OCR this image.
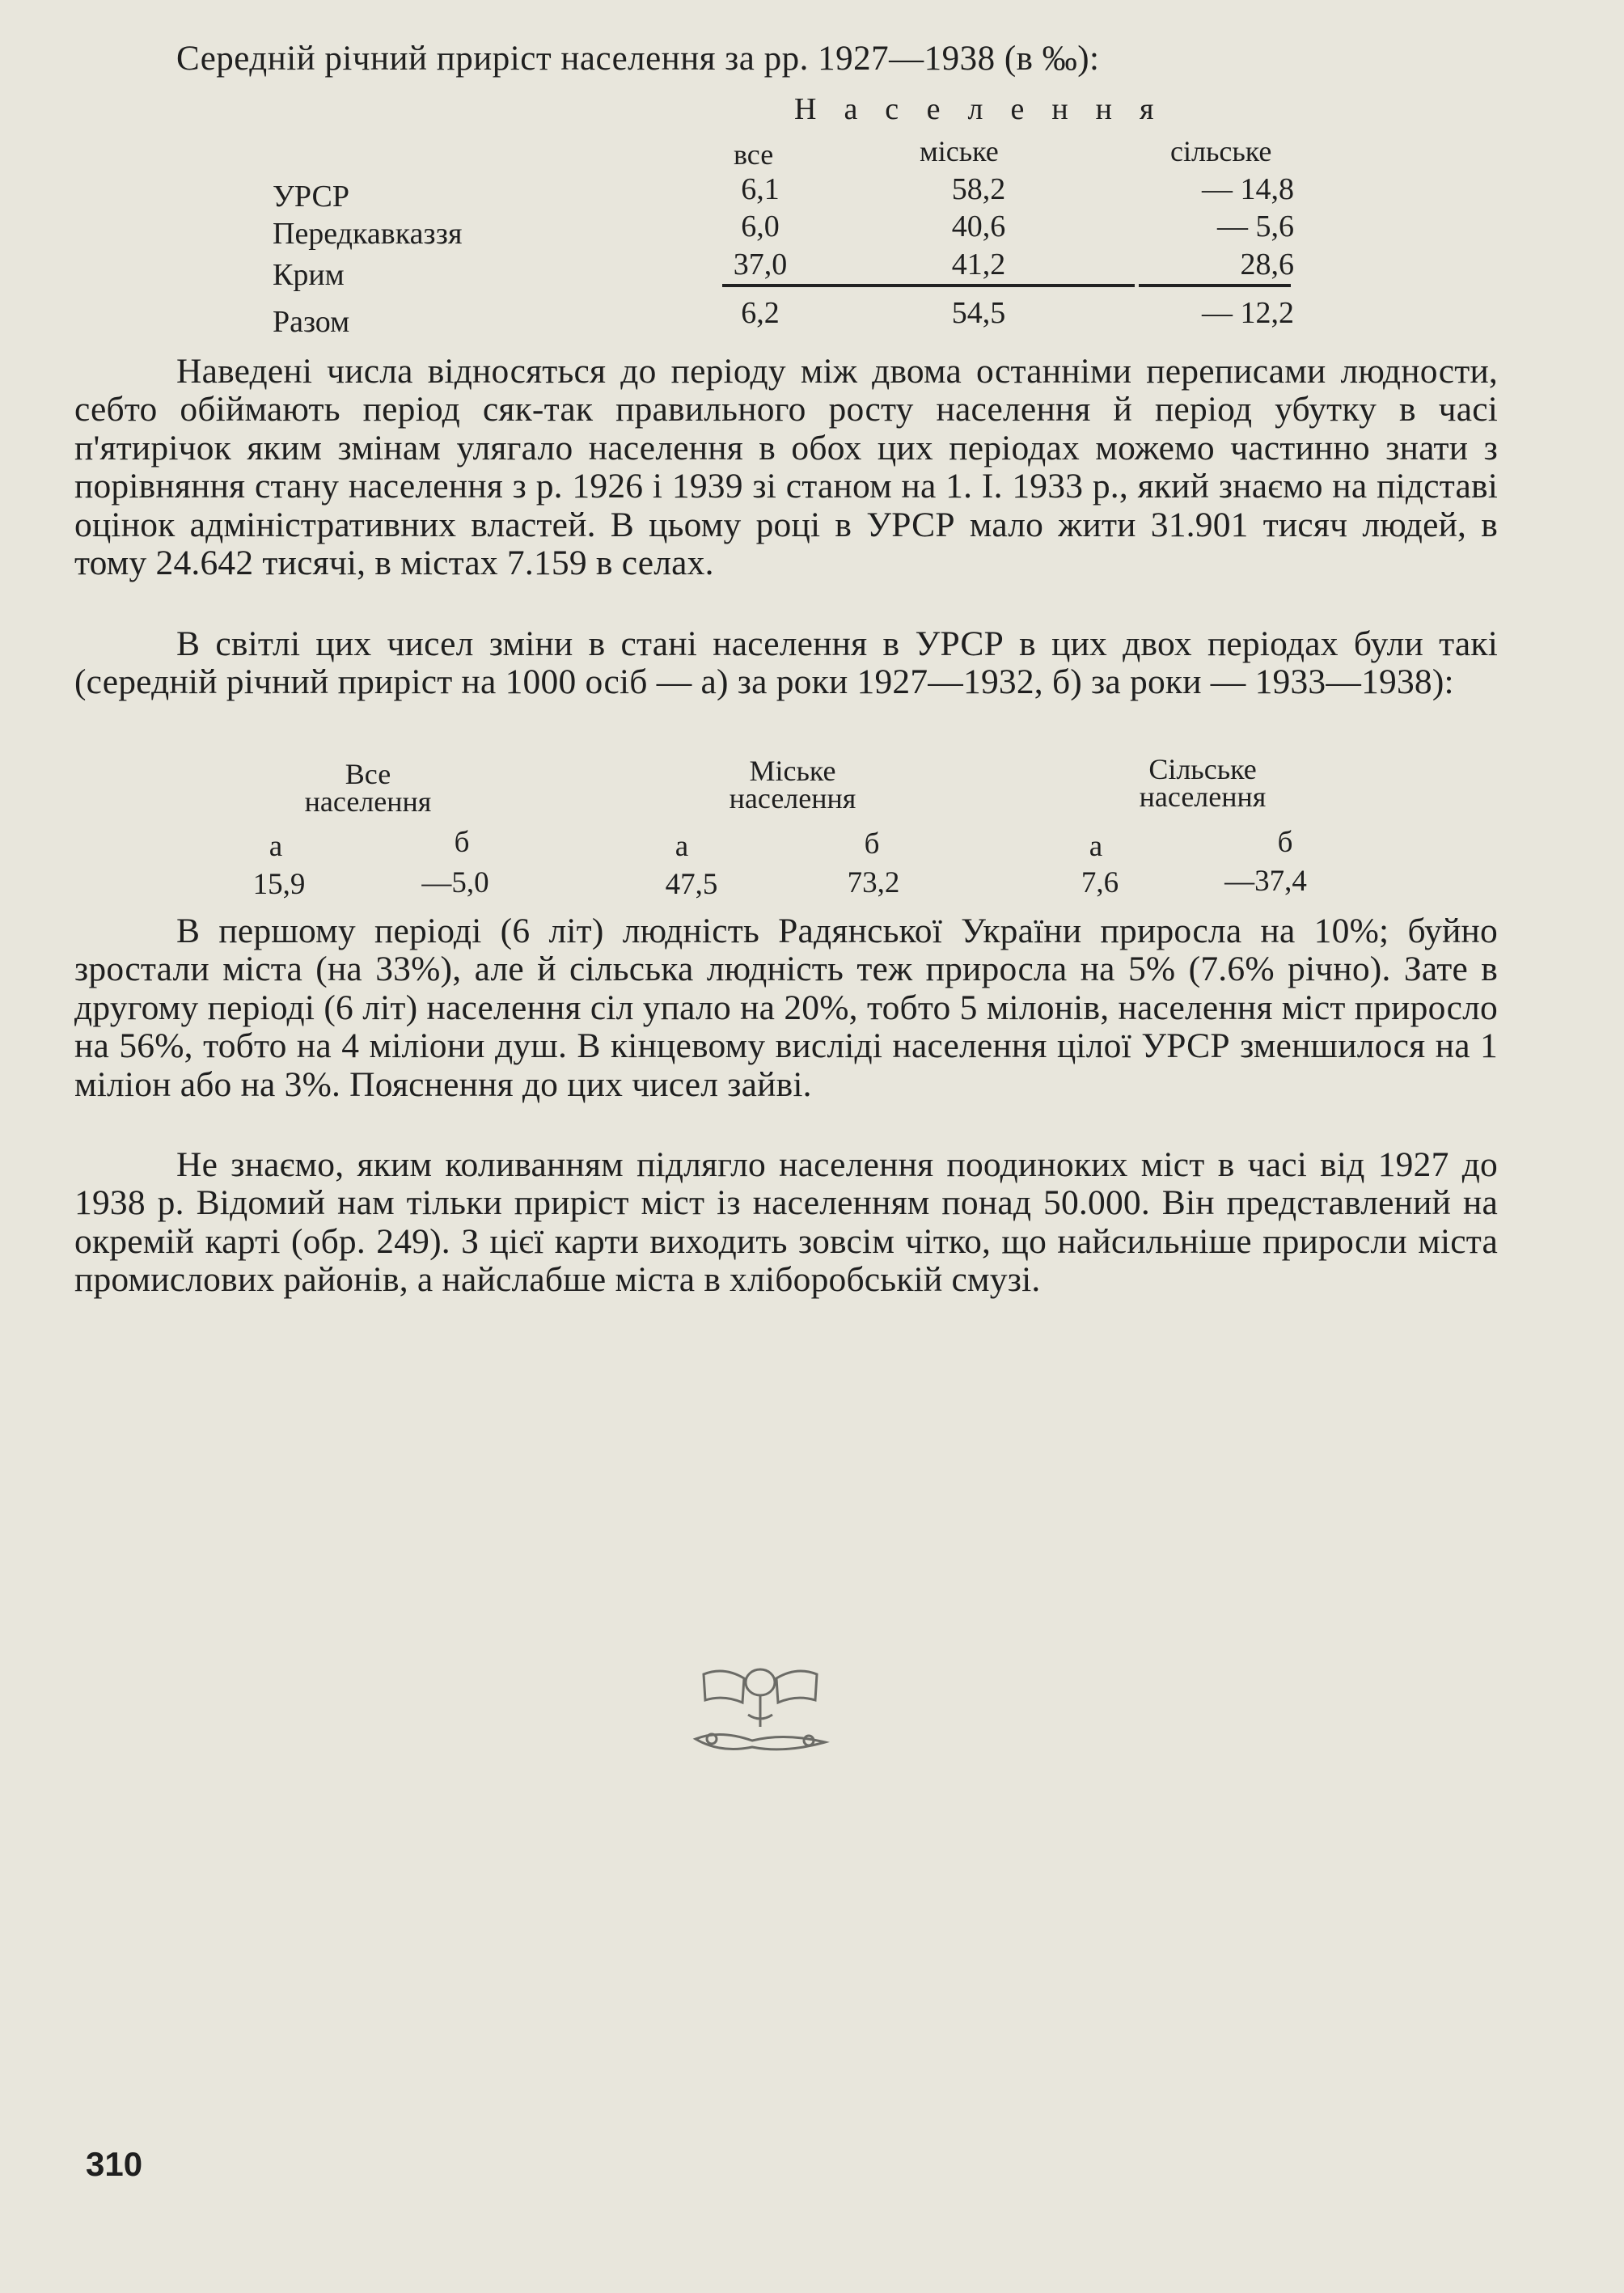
Середній річний приріст населення за рр. 1927—1938 (в ‰):
Населення
все	міське	сільське
УРСР	6,1	58,2	— 14,8
Передкавказзя	6,0	40,6	— 5,6
Крим	37,0	41,2	28,6
Разом	6,2	54,5	— 12,2
Наведені числа відносяться до періоду між двома останніми переписами людности, себто обіймають період сяк-так правильного росту населення й період убутку в часі п'ятирічок яким змінам улягало населення в обох цих періодах можемо частинно знати з порівняння стану населення з р. 1926 і 1939 зі станом на 1. І. 1933 р., який знаємо на підставі оцінок адміністративних властей. В цьому році в УРСР мало жити 31.901 тисяч людей, в тому 24.642 тисячі, в містах 7.159 в селах.
В світлі цих чисел зміни в стані населення в УРСР в цих двох періодах були такі (середній річний приріст на 1000 осіб — а) за роки 1927—1932, б) за роки — 1933—1938):
Все
населення
Міське
населення
Сільське
населення
а	б	а	б	а	б
15,9	—5,0	47,5	73,2	7,6	—37,4
В першому періоді (6 літ) людність Радянської України приросла на 10%; буйно зростали міста (на 33%), але й сільська людність теж приросла на 5% (7.6% річно). Зате в другому періоді (6 літ) населення сіл упало на 20%, тобто 5 мілонів, населення міст приросло на 56%, тобто на 4 міліони душ. В кінцевому висліді населення цілої УРСР зменшилося на 1 міліон або на 3%. Пояснення до цих чисел зайві.
Не знаємо, яким коливанням підлягло населення поодиноких міст в часі від 1927 до 1938 р. Відомий нам тільки приріст міст із населенням понад 50.000. Він представлений на окремій карті (обр. 249). З цієї карти виходить зовсім чітко, що найсильніше приросли міста промислових районів, а найслабше міста в хліборобській смузі.
310
